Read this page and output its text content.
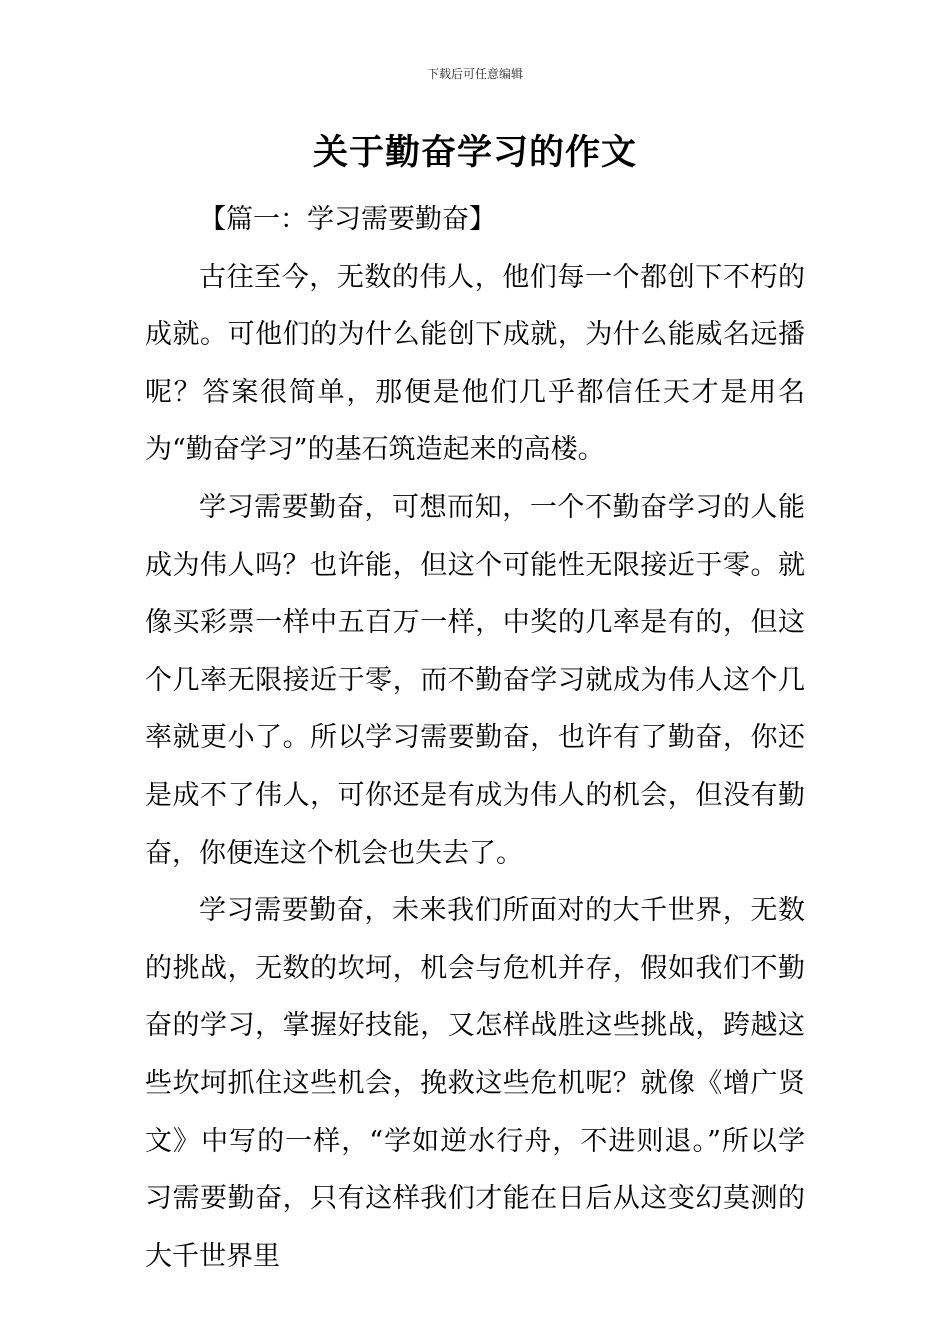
下载后可任意编辑
关于勤奋学习的作文

【篇一：学习需要勤奋】

古往至今，无数的伟人，他们每一个都创下不朽的成就。可他们的为什么能创下成就，为什么能威名远播呢？答案很简单，那便是他们几乎都信任天才是用名为“勤奋学习”的基石筑造起来的高楼。

学习需要勤奋，可想而知，一个不勤奋学习的人能成为伟人吗？也许能，但这个可能性无限接近于零。就像买彩票一样中五百万一样，中奖的几率是有的，但这个几率无限接近于零，而不勤奋学习就成为伟人这个几率就更小了。所以学习需要勤奋，也许有了勤奋，你还是成不了伟人，可你还是有成为伟人的机会，但没有勤奋，你便连这个机会也失去了。

学习需要勤奋，未来我们所面对的大千世界，无数的挑战，无数的坎坷，机会与危机并存，假如我们不勤奋的学习，掌握好技能，又怎样战胜这些挑战，跨越这些坎坷抓住这些机会，挽救这些危机呢？就像《增广贤文》中写的一样，“学如逆水行舟，不进则退。”所以学习需要勤奋，只有这样我们才能在日后从这变幻莫测的大千世界里
